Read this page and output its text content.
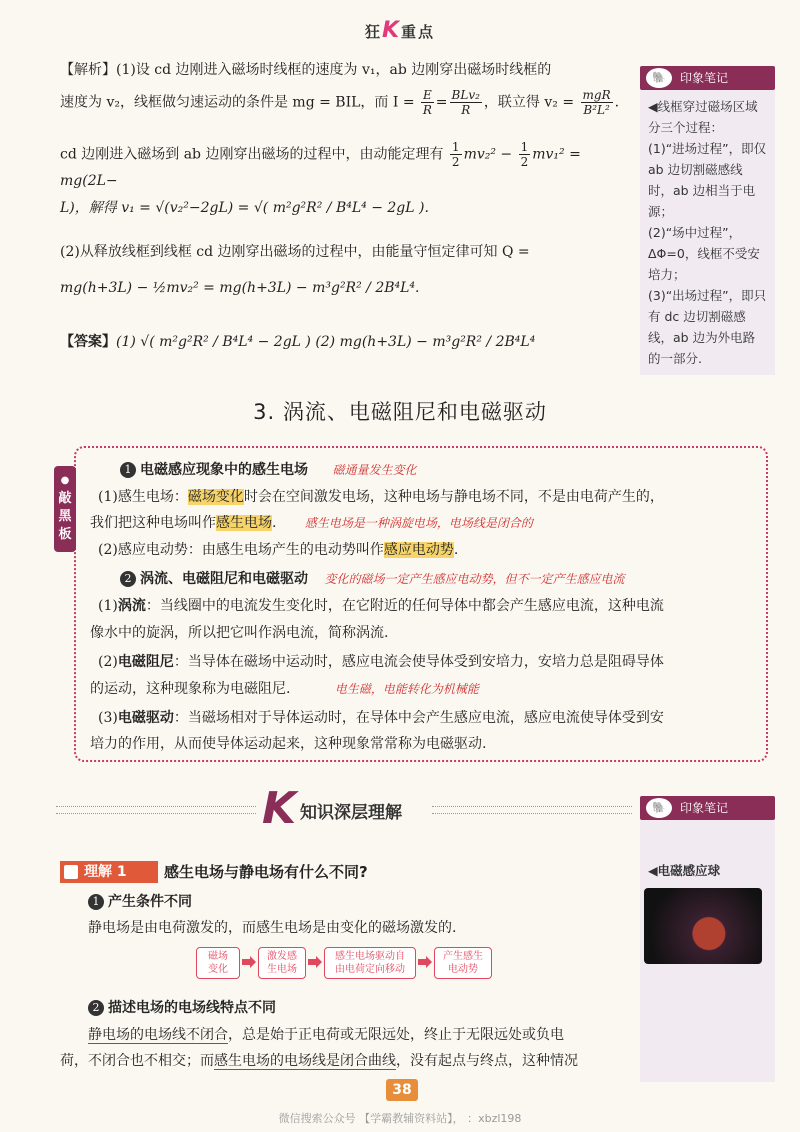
狂K重点
【解析】(1)设 cd 边刚进入磁场时线框的速度为 v₁，ab 边刚穿出磁场时线框的
速度为 v₂，线框做匀速运动的条件是 mg = BIL，而 $I = \frac{E}{R} = \frac{\text{BLv₂}}{R}$ ，联立得 $v_2 = \frac{\text{mgR}}{\text{B²L²}}$ .
cd 边刚进入磁场到 ab 边刚穿出磁场的过程中，由动能定理有 $\frac{1}{2} mv_2^2 - \frac{1}{2} mv_1^2 = mg(2L-$
L)，解得 v₁ = √(v₂²−2gL) = √( m²g²R² / B⁴L⁴ − 2gL ).
(2)从释放线框到线框 cd 边刚穿出磁场的过程中，由能量守恒定律可知 Q =
mg(h+3L) − ½mv₂² = mg(h+3L) − m³g²R² / 2B⁴L⁴.
【答案】(1) √( m²g²R² / B⁴L⁴ − 2gL ) (2) mg(h+3L) − m³g²R² / 2B⁴L⁴
🐘	印象笔记
◀线框穿过磁场区域分三个过程：
(1)“进场过程”，即仅 ab 边切割磁感线时，ab 边相当于电源；
(2)“场中过程”，ΔΦ=0，线框不受安培力；
(3)“出场过程”，即只有 dc 边切割磁感线，ab 边为外电路的一部分.
3. 涡流、电磁阻尼和电磁驱动
●
敲黑板
1 电磁感应现象中的感生电场 磁通量发生变化
(1)感生电场：磁场变化时会在空间激发电场，这种电场与静电场不同，不是由电荷产生的，
我们把这种电场叫作感生电场. 感生电场是一种涡旋电场，电场线是闭合的
(2)感应电动势：由感生电场产生的电动势叫作感应电动势.
2 涡流、电磁阻尼和电磁驱动 变化的磁场一定产生感应电动势，但不一定产生感应电流
(1)涡流：当线圈中的电流发生变化时，在它附近的任何导体中都会产生感应电流，这种电流
像水中的旋涡，所以把它叫作涡电流，简称涡流.
(2)电磁阻尼：当导体在磁场中运动时，感应电流会使导体受到安培力，安培力总是阻碍导体
的运动，这种现象称为电磁阻尼.	电生磁，电能转化为机械能
(3)电磁驱动：当磁场相对于导体运动时，在导体中会产生感应电流，感应电流使导体受到安
培力的作用，从而使导体运动起来，这种现象常常称为电磁驱动.
K 知识深层理解	🐘	印象笔记
◀电磁感应球
理解 1	感生电场与静电场有什么不同?
1 产生条件不同
静电场是由电荷激发的，而感生电场是由变化的磁场激发的.
磁场
变化
激发感
生电场
感生电场驱动自
由电荷定向移动
产生感生
电动势
2 描述电场的电场线特点不同
静电场的电场线不闭合，总是始于正电荷或无限远处，终止于无限远处或负电
荷，不闭合也不相交；而感生电场的电场线是闭合曲线，没有起点与终点，这种情况
38
微信搜索公众号 【学霸教辅资料站】， ：xbzl198
